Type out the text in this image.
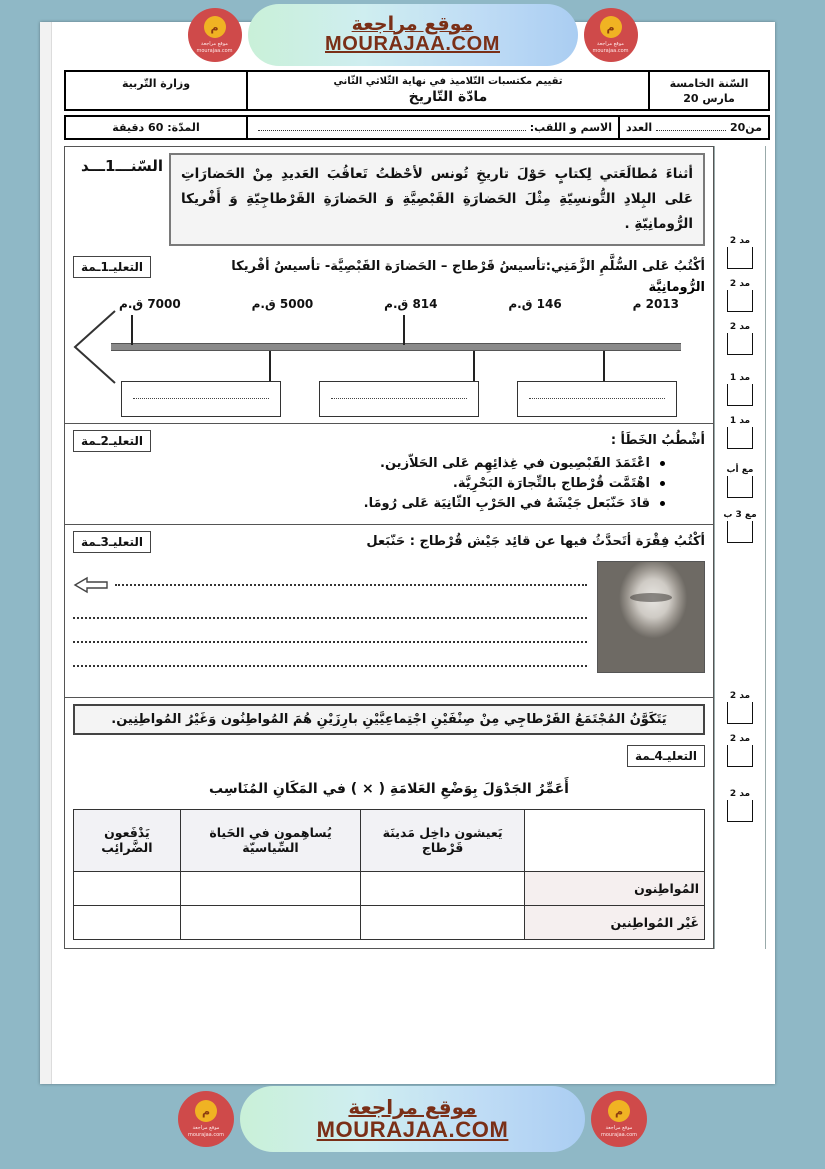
م
موقع مراجعة
mourajaa.com
موقع مراجعة
MOURAJAA.COM
م
موقع مراجعة
mourajaa.com
السّنة الخامسة
مارس 20
تقييم مكتسبات التّلاميذ في نهاية الثّلاثي الثّاني
مادّة التّاريخ
وزارة التّربية
من20
العدد
الاسم و اللقب:
المدّة: 60 دقيقة
مد 2
مد 2
مد 2
مد 1
مد 1
مع أب
مع 3 ب
مد 2
مد 2
مد 2
أثناءَ مُطالَعَتي لِكتابٍ حَوْلَ تاريخِ تُونس لأحْظتُ تَعاقُبَ العَديدِ مِنْ الحَضارَاتِ عَلى البِلادِ التُّونسِيّةِ مِثْلَ الحَضارَةِ القَبْصِيَّةِ وَ الحَضارَةِ القَرْطاجِيّةِ وَ أَفْريكا الرُّومانِيّةِ .
السّنـــ1ـــد
أكْتُبُ عَلى السُّلَّمِ الزَّمَنِي:تأسيسُ قَرْطاج – الحَضارَة القَبْصِيَّة- تأسيسُ أفْريكا
التعليـ1ـمة
الرُّومانِيَّة
2013 م
146 ق.م
814 ق.م
5000 ق.م
7000 ق.م
أشْطُبُ الخَطَأ :
التعليـ2ـمة
اعْتَمَدَ القَبْصِيون في غِذائِهِم عَلى الحَلاّزين.
اهْتَمَّت قُرْطاج بالتِّجارَة البَحْرِيَّة.
قادَ حَنّبَعل جَيْشَهُ في الحَرْبِ الثّانِيَة عَلى رُومَا.
أكْتُبُ فِقْرَة أتَحدَّثُ فيها عن قائِد جَيْش قُرْطاج : حَنّبَعل
التعليـ3ـمة
يَتَكَوَّنُ المُجْتَمَعُ القَرْطاجِي مِنْ صِنْفَيْنِ اجْتِماعِيَّيْنِ بارِزَيْنِ هُمَ المُواطِنُون وَغَيْرُ المُواطِنِين.
التعليـ4ـمة
أَعَمِّرُ الجَدْوَلَ بِوَضْعِ العَلامَةِ ( × ) في المَكَانِ المُنَاسِب
	يَعيشون داخِل مَدينَة قَرْطاج	يُساهِمون في الحَياة السِّياسيّة	يَدْفَعون الضَّرائِب
المُواطِنون			
غَيْر المُواطِنين			
م
موقع مراجعة
mourajaa.com
موقع مراجعة
MOURAJAA.COM
م
موقع مراجعة
mourajaa.com
